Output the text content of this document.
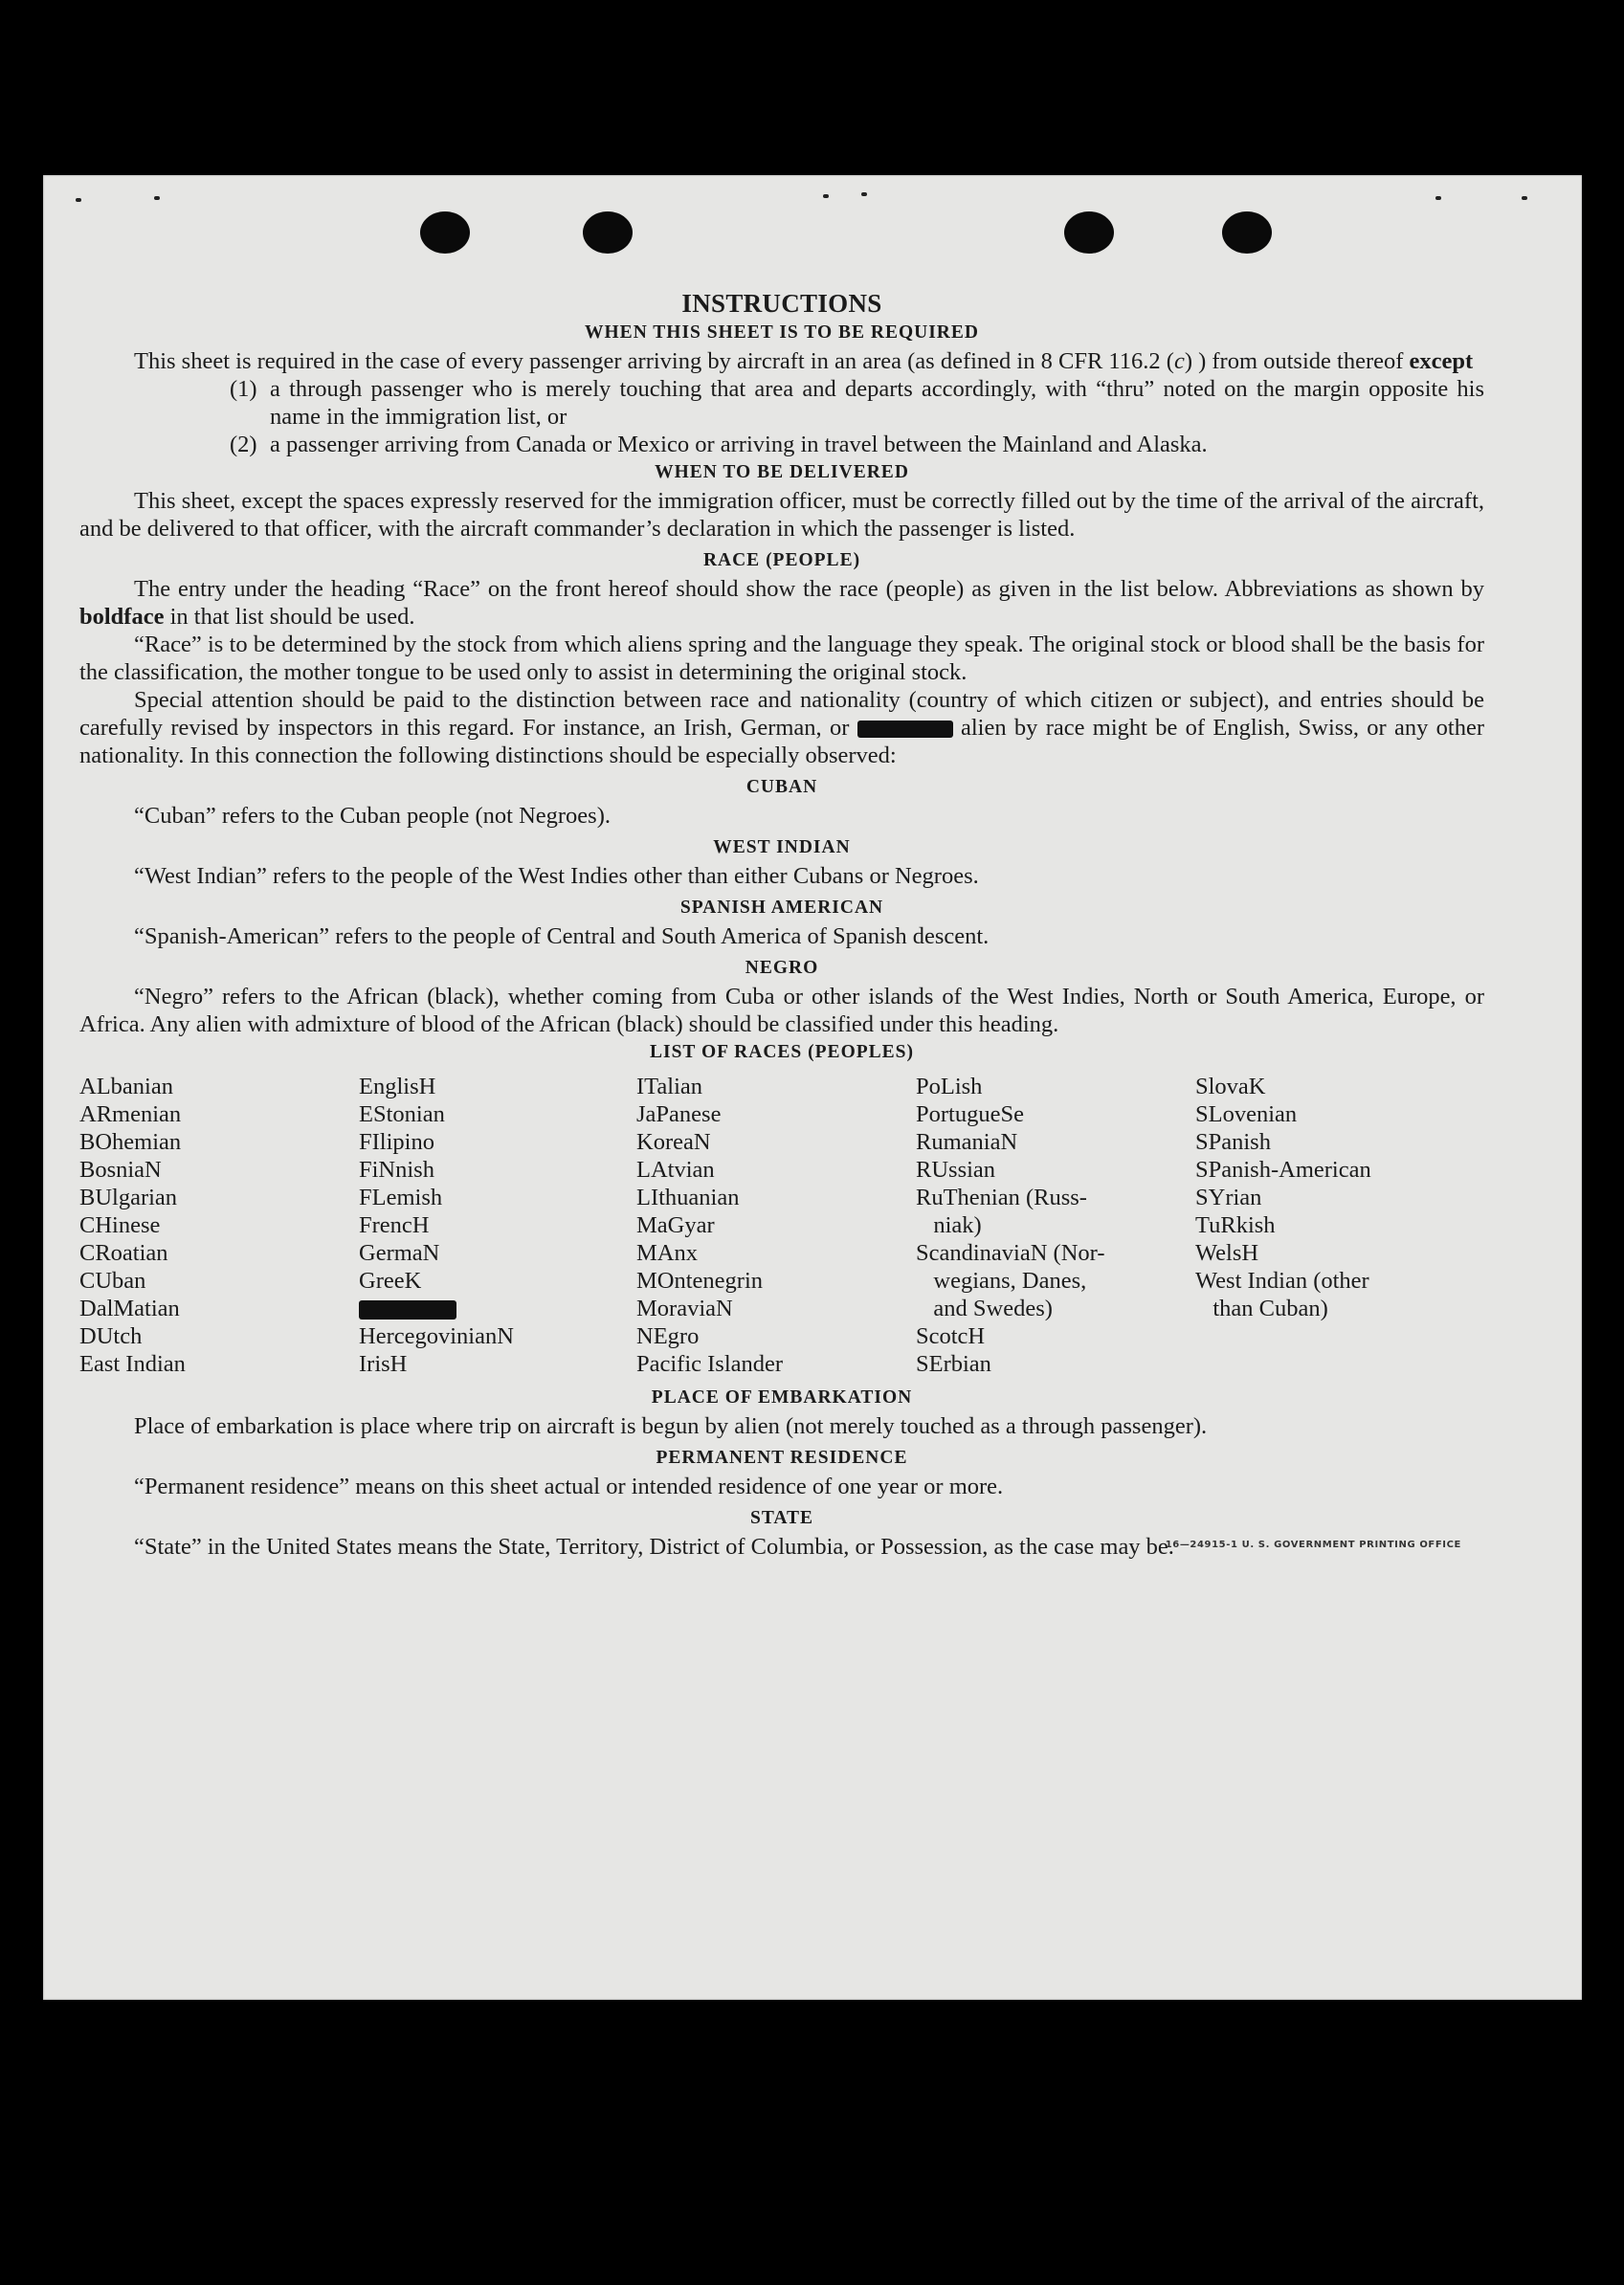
INSTRUCTIONS
WHEN THIS SHEET IS TO BE REQUIRED

This sheet is required in the case of every passenger arriving by aircraft in an area (as defined in 8 CFR 116.2 (c) ) from outside thereof except

(1) a through passenger who is merely touching that area and departs accordingly, with “thru” noted on the margin opposite his name in the immigration list, or
(2) a passenger arriving from Canada or Mexico or arriving in travel between the Mainland and Alaska.
WHEN TO BE DELIVERED

This sheet, except the spaces expressly reserved for the immigration officer, must be correctly filled out by the time of the arrival of the aircraft, and be delivered to that officer, with the aircraft commander’s declaration in which the passenger is listed.

RACE (PEOPLE)

The entry under the heading “Race” on the front hereof should show the race (people) as given in the list below. Abbreviations as shown by boldface in that list should be used.

“Race” is to be determined by the stock from which aliens spring and the language they speak. The original stock or blood shall be the basis for the classification, the mother tongue to be used only to assist in determining the original stock.

Special attention should be paid to the distinction between race and nationality (country of which citizen or subject), and entries should be carefully revised by inspectors in this regard. For instance, an Irish, German, or	alien by race might be of English, Swiss, or any other nationality. In this connection the following distinctions should be especially observed:

CUBAN

“Cuban” refers to the Cuban people (not Negroes).

WEST INDIAN

“West Indian” refers to the people of the West Indies other than either Cubans or Negroes.

SPANISH AMERICAN

“Spanish-American” refers to the people of Central and South America of Spanish descent.

NEGRO

“Negro” refers to the African (black), whether coming from Cuba or other islands of the West Indies, North or South America, Europe, or Africa. Any alien with admixture of blood of the African (black) should be classified under this heading.

LIST OF RACES (PEOPLES)
ALbanian
ARmenian
BOhemian
BosniaN
BUlgarian
CHinese
CRoatian
CUban
DalMatian
DUtch
East Indian
EnglisH
EStonian
FIlipino
FiNnish
FLemish
FrencH
GermaN
GreeK
HercegovinianN
IrisH
ITalian
JaPanese
KoreaN
LAtvian
LIthuanian
MaGyar
MAnx
MOntenegrin
MoraviaN
NEgro
Pacific Islander
PoLish
PortugueSe
RumaniaN
RUssian
RuThenian (Russ-
niak)
ScandinaviaN (Nor-
wegians, Danes,
and Swedes)
ScotcH
SErbian
SlovaK
SLovenian
SPanish
SPanish-American
SYrian
TuRkish
WelsH
West Indian (other
than Cuban)
PLACE OF EMBARKATION

Place of embarkation is place where trip on aircraft is begun by alien (not merely touched as a through passenger).

PERMANENT RESIDENCE

“Permanent residence” means on this sheet actual or intended residence of one year or more.

STATE

“State” in the United States means the State, Territory, District of Columbia, or Possession, as the case may be.

16—24915-1 U. S. GOVERNMENT PRINTING OFFICE
